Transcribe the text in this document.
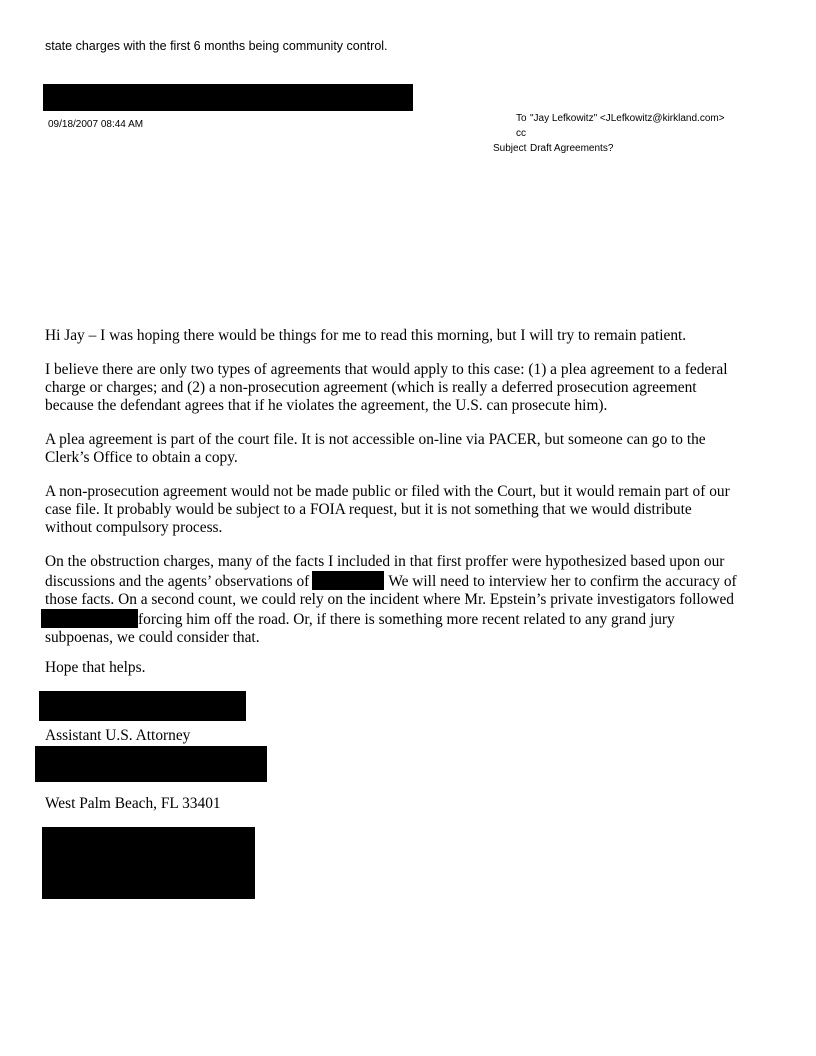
state charges with the first 6 months being community control.
09/18/2007 08:44 AM
To "Jay Lefkowitz" <JLefkowitz@kirkland.com>
cc
Subject Draft Agreements?

Hi Jay – I was hoping there would be things for me to read this morning, but I will try to remain patient.

I believe there are only two types of agreements that would apply to this case: (1) a plea agreement to a federal
charge or charges; and (2) a non-prosecution agreement (which is really a deferred prosecution agreement
because the defendant agrees that if he violates the agreement, the U.S. can prosecute him).

A plea agreement is part of the court file. It is not accessible on-line via PACER, but someone can go to the
Clerk’s Office to obtain a copy.

A non-prosecution agreement would not be made public or filed with the Court, but it would remain part of our
case file. It probably would be subject to a FOIA request, but it is not something that we would distribute
without compulsory process.

On the obstruction charges, many of the facts I included in that first proffer were hypothesized based upon our
discussions and the agents’ observations of	We will need to interview her to confirm the accuracy of
those facts. On a second count, we could rely on the incident where Mr. Epstein’s private investigators followed
forcing him off the road. Or, if there is something more recent related to any grand jury
subpoenas, we could consider that.

Hope that helps.

Assistant U.S. Attorney
West Palm Beach, FL 33401
